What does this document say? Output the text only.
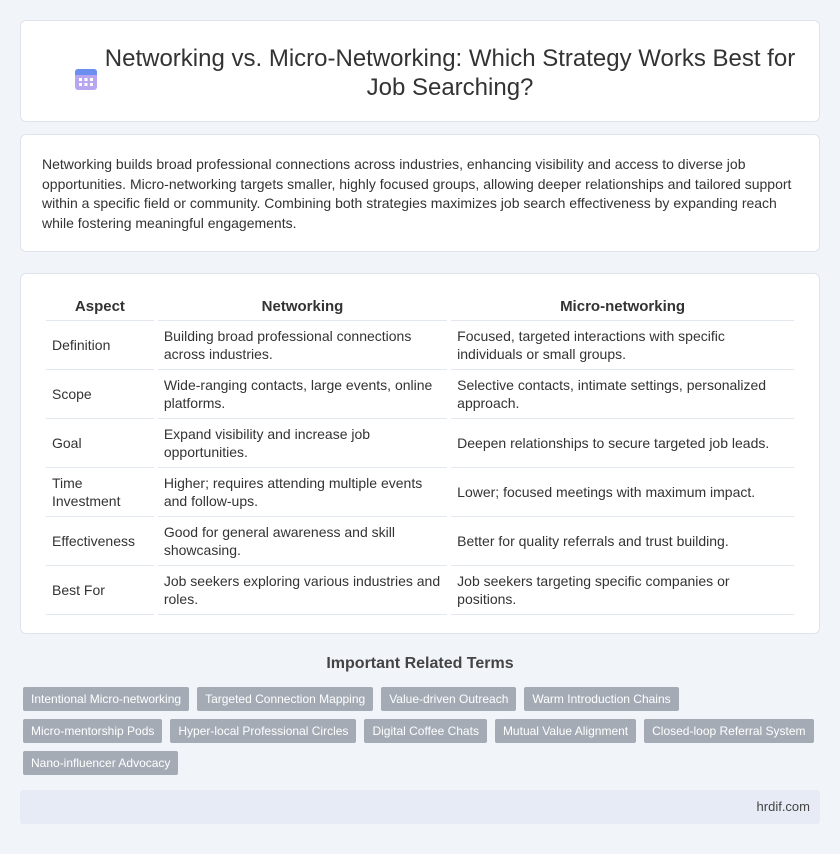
Networking vs. Micro-Networking: Which Strategy Works Best for Job Searching?

Networking builds broad professional connections across industries, enhancing visibility and access to diverse job opportunities. Micro-networking targets smaller, highly focused groups, allowing deeper relationships and tailored support within a specific field or community. Combining both strategies maximizes job search effectiveness by expanding reach while fostering meaningful engagements.

Aspect	Networking	Micro-networking
Definition	Building broad professional connections across industries.	Focused, targeted interactions with specific individuals or small groups.
Scope	Wide-ranging contacts, large events, online platforms.	Selective contacts, intimate settings, personalized approach.
Goal	Expand visibility and increase job opportunities.	Deepen relationships to secure targeted job leads.
Time Investment	Higher; requires attending multiple events and follow-ups.	Lower; focused meetings with maximum impact.
Effectiveness	Good for general awareness and skill showcasing.	Better for quality referrals and trust building.
Best For	Job seekers exploring various industries and roles.	Job seekers targeting specific companies or positions.
Important Related Terms
Intentional Micro-networking	Targeted Connection Mapping	Value-driven Outreach	Warm Introduction Chains
Micro-mentorship Pods	Hyper-local Professional Circles	Digital Coffee Chats	Mutual Value Alignment	Closed-loop Referral System
Nano-influencer Advocacy
hrdif.com
